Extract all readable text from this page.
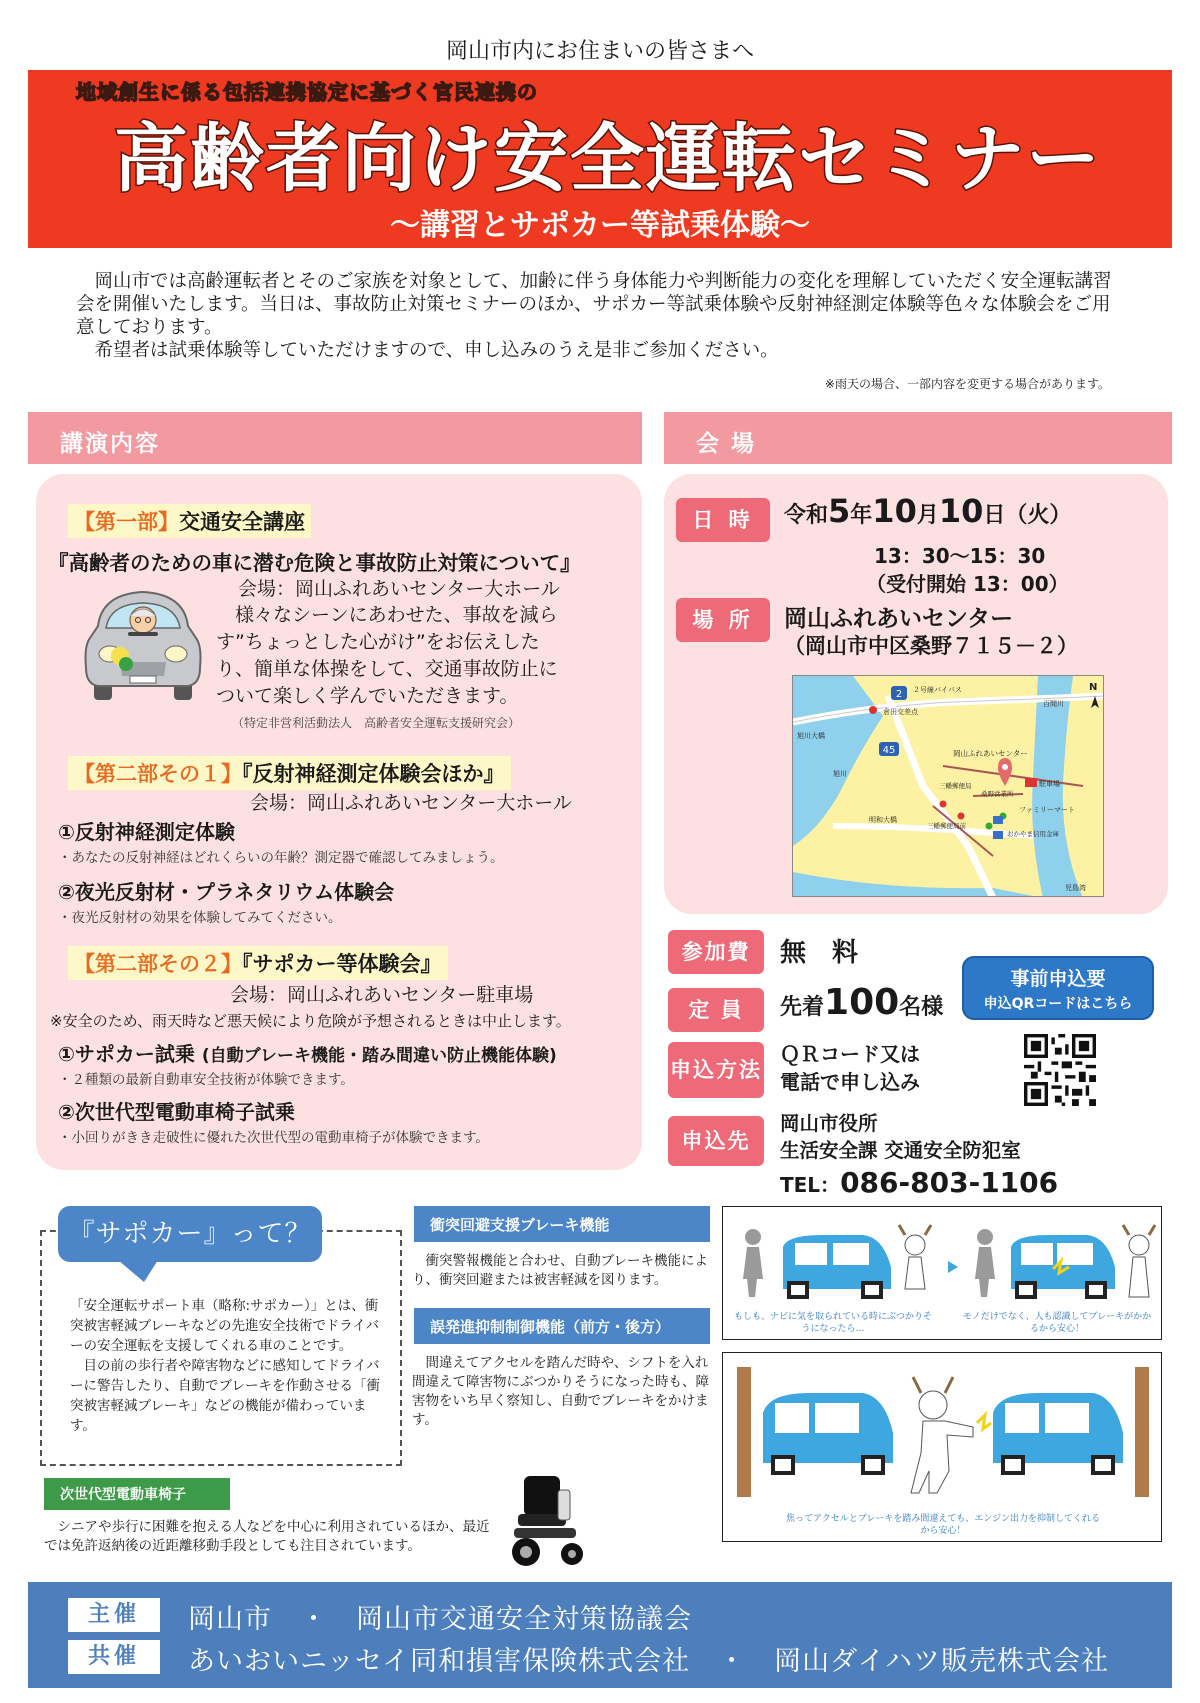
岡山市内にお住まいの皆さまへ
地域創生に係る包括連携協定に基づく官民連携の
高齢者向け安全運転セミナー
～講習とサポカー等試乗体験～

岡山市では高齢運転者とそのご家族を対象として、加齢に伴う身体能力や判断能力の変化を理解していただく安全運転講習会を開催いたします。当日は、事故防止対策セミナーのほか、サポカー等試乗体験や反射神経測定体験等色々な体験会をご用意しております。

希望者は試乗体験等していただけますので、申し込みのうえ是非ご参加ください。

※雨天の場合、一部内容を変更する場合があります。
講演内容
【第一部】交通安全講座
『高齢者のための車に潜む危険と事故防止対策について』
会場：岡山ふれあいセンター大ホール
様々なシーンにあわせた、事故を減らす”ちょっとした心がけ”をお伝えしたり、簡単な体操をして、交通事故防止について楽しく学んでいただきます。
（特定非営利活動法人　高齢者安全運転支援研究会）
【第二部その１】『反射神経測定体験会ほか』
会場：岡山ふれあいセンター大ホール
①反射神経測定体験
・あなたの反射神経はどれくらいの年齢？測定器で確認してみましょう。
②夜光反射材・プラネタリウム体験会
・夜光反射材の効果を体験してみてください。
【第二部その２】『サポカー等体験会』
会場：岡山ふれあいセンター駐車場
※安全のため、雨天時など悪天候により危険が予想されるときは中止します。
①サポカー試乗 (自動ブレーキ機能・踏み間違い防止機能体験)
・２種類の最新自動車安全技術が体験できます。
②次世代型電動車椅子試乗
・小回りがきき走破性に優れた次世代型の電動車椅子が体験できます。
会 場
日 時	令和5年10月10日（火）
13：30～15：30
（受付開始 13：00）
場 所	岡山ふれあいセンター
（岡山市中区桑野７１５－２）
2
45
２号線バイパス
倉田交差点
旭川大橋
旭川
百間川
岡山ふれあいセンター
駐車場
ファミリーマート
三幡郵便局
三幡郵便局前
桑野営業所
おかやま信用金庫
明和大橋
児島湾
N
参加費	無　料
定 員	先着100名様
事前申込要
申込QRコードはこちら
申込方法
ＱＲコード又は
電話で申し込み
申込先
岡山市役所
生活安全課 交通安全防犯室
TEL：086-803-1106
「安全運転サポート車（略称:サポカー）」とは、衝突被害軽減ブレーキなどの先進安全技術でドライバーの安全運転を支援してくれる車のことです。
目の前の歩行者や障害物などに感知してドライバーに警告したり、自動でブレーキを作動させる「衝突被害軽減ブレーキ」などの機能が備わっています。
『サポカー』って？	衝突回避支援ブレーキ機能
衝突警報機能と合わせ、自動ブレーキ機能により、衝突回避または被害軽減を図ります。
誤発進抑制制御機能（前方・後方）
間違えてアクセルを踏んだ時や、シフトを入れ間違えて障害物にぶつかりそうになった時も、障害物をいち早く察知し、自動でブレーキをかけます。
もしも、ナビに気を取られている時にぶつかりそうになったら…
モノだけでなく、人も認識してブレーキがかかるから安心！
焦ってアクセルとブレーキを踏み間違えても、エンジン出力を抑制してくれるから安心！
次世代型電動車椅子
シニアや歩行に困難を抱える人などを中心に利用されているほか、最近では免許返納後の近距離移動手段としても注目されています。
主催	岡山市　・　岡山市交通安全対策協議会
共催	あいおいニッセイ同和損害保険株式会社　・　岡山ダイハツ販売株式会社
